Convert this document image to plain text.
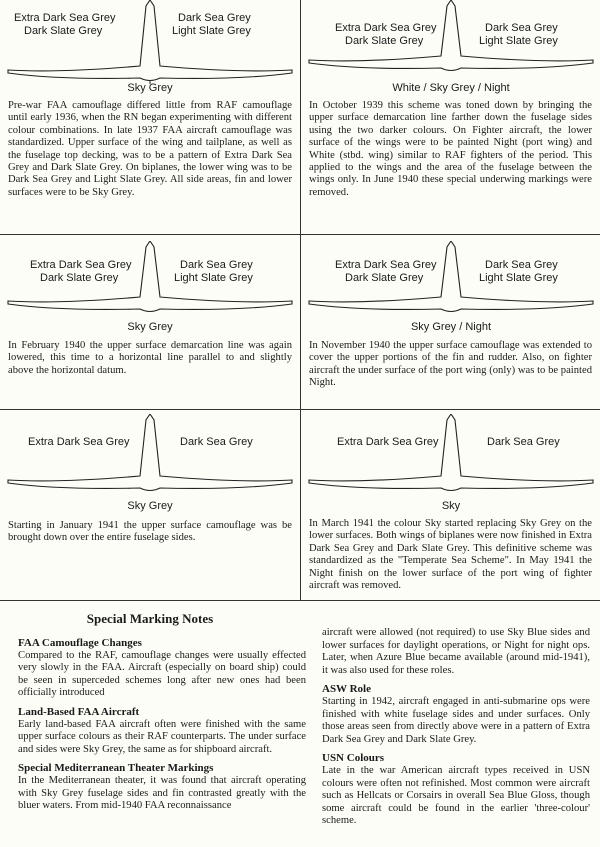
Extra Dark Sea Grey
Dark Slate Grey
Dark Sea Grey
Light Slate Grey
Sky Grey
Pre-war FAA camouflage differed little from RAF camouflage until early 1936, when the RN began experimenting with different colour combinations. In late 1937 FAA aircraft camouflage was standardized. Upper surface of the wing and tailplane, as well as the fuselage top decking, was to be a pattern of Extra Dark Sea Grey and Dark Slate Grey. On biplanes, the lower wing was to be Dark Sea Grey and Light Slate Grey. All side areas, fin and lower surfaces were to be Sky Grey.
Extra Dark Sea Grey
Dark Slate Grey
Dark Sea Grey
Light Slate Grey
White / Sky Grey / Night
In October 1939 this scheme was toned down by bringing the upper surface demarcation line farther down the fuselage sides using the two darker colours. On Fighter aircraft, the lower surface of the wings were to be painted Night (port wing) and White (stbd. wing) similar to RAF fighters of the period. This applied to the wings and the area of the fuselage between the wings only. In June 1940 these special underwing markings were removed.
Extra Dark Sea Grey
Dark Slate Grey
Dark Sea Grey
Light Slate Grey
Sky Grey
In February 1940 the upper surface demarcation line was again lowered, this time to a horizontal line parallel to and slightly above the horizontal datum.
Extra Dark Sea Grey
Dark Slate Grey
Dark Sea Grey
Light Slate Grey
Sky Grey / Night
In November 1940 the upper surface camouflage was extended to cover the upper portions of the fin and rudder. Also, on fighter aircraft the under surface of the port wing (only) was to be painted Night.
Extra Dark Sea Grey	Dark Sea Grey
Sky Grey
Starting in January 1941 the upper surface camouflage was be brought down over the entire fuselage sides.
Extra Dark Sea Grey	Dark Sea Grey
Sky
In March 1941 the colour Sky started replacing Sky Grey on the lower surfaces. Both wings of biplanes were now finished in Extra Dark Sea Grey and Dark Slate Grey. This definitive scheme was standardized as the "Temperate Sea Scheme". In May 1941 the Night finish on the lower surface of the port wing of fighter aircraft was removed.
Special Marking Notes
FAA Camouflage Changes

Compared to the RAF, camouflage changes were usually effected very slowly in the FAA. Aircraft (especially on board ship) could be seen in superceded schemes long after new ones had been officially introduced

Land-Based FAA Aircraft

Early land-based FAA aircraft often were finished with the same upper surface colours as their RAF counterparts. The under surface and sides were Sky Grey, the same as for shipboard aircraft.

Special Mediterranean Theater Markings

In the Mediterranean theater, it was found that aircraft operating with Sky Grey fuselage sides and fin contrasted greatly with the bluer waters. From mid-1940 FAA reconnaissance

aircraft were allowed (not required) to use Sky Blue sides and lower surfaces for daylight operations, or Night for night ops. Later, when Azure Blue became available (around mid-1941), it was also used for these roles.

ASW Role

Starting in 1942, aircraft engaged in anti-submarine ops were finished with white fuselage sides and under surfaces. Only those areas seen from directly above were in a pattern of Extra Dark Sea Grey and Dark Slate Grey.

USN Colours

Late in the war American aircraft types received in USN colours were often not refinished. Most common were aircraft such as Hellcats or Corsairs in overall Sea Blue Gloss, though some aircraft could be found in the earlier 'three-colour' scheme.
